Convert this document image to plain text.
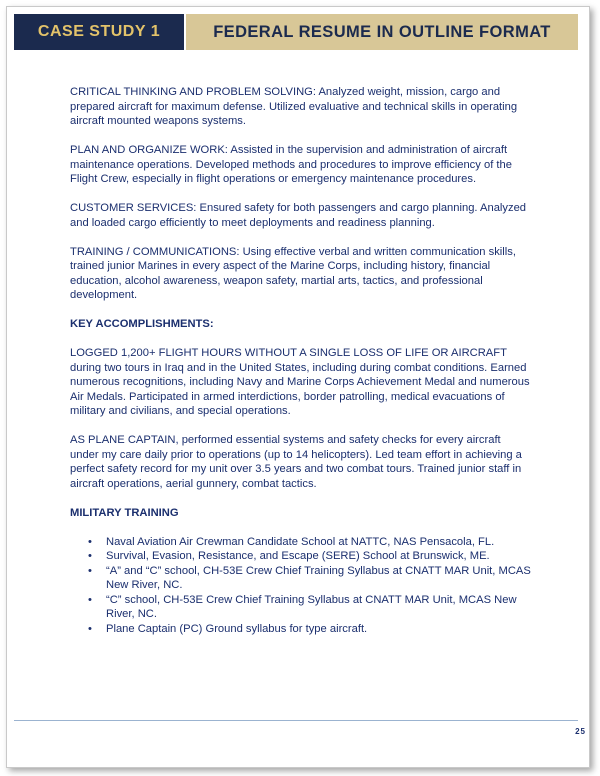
CASE STUDY 1	FEDERAL RESUME IN OUTLINE FORMAT

CRITICAL THINKING AND PROBLEM SOLVING: Analyzed weight, mission, cargo and prepared aircraft for maximum defense. Utilized evaluative and technical skills in operating aircraft mounted weapons systems.

PLAN AND ORGANIZE WORK: Assisted in the supervision and administration of aircraft maintenance operations. Developed methods and procedures to improve efficiency of the Flight Crew, especially in flight operations or emergency maintenance procedures.

CUSTOMER SERVICES: Ensured safety for both passengers and cargo planning. Analyzed and loaded cargo efficiently to meet deployments and readiness planning.

TRAINING / COMMUNICATIONS: Using effective verbal and written communication skills, trained junior Marines in every aspect of the Marine Corps, including history, financial education, alcohol awareness, weapon safety, martial arts, tactics, and professional development.

KEY ACCOMPLISHMENTS:

LOGGED 1,200+ FLIGHT HOURS WITHOUT A SINGLE LOSS OF LIFE OR AIRCRAFT during two tours in Iraq and in the United States, including during combat conditions. Earned numerous recognitions, including Navy and Marine Corps Achievement Medal and numerous Air Medals. Participated in armed interdictions, border patrolling, medical evacuations of military and civilians, and special operations.

AS PLANE CAPTAIN, performed essential systems and safety checks for every aircraft under my care daily prior to operations (up to 14 helicopters). Led team effort in achieving a perfect safety record for my unit over 3.5 years and two combat tours. Trained junior staff in aircraft operations, aerial gunnery, combat tactics.

MILITARY TRAINING

• Naval Aviation Air Crewman Candidate School at NATTC, NAS Pensacola, FL.
• Survival, Evasion, Resistance, and Escape (SERE) School at Brunswick, ME.
• “A” and “C” school, CH-53E Crew Chief Training Syllabus at CNATT MAR Unit, MCAS New River, NC.
• “C” school, CH-53E Crew Chief Training Syllabus at CNATT MAR Unit, MCAS New River, NC.
• Plane Captain (PC) Ground syllabus for type aircraft.
25
